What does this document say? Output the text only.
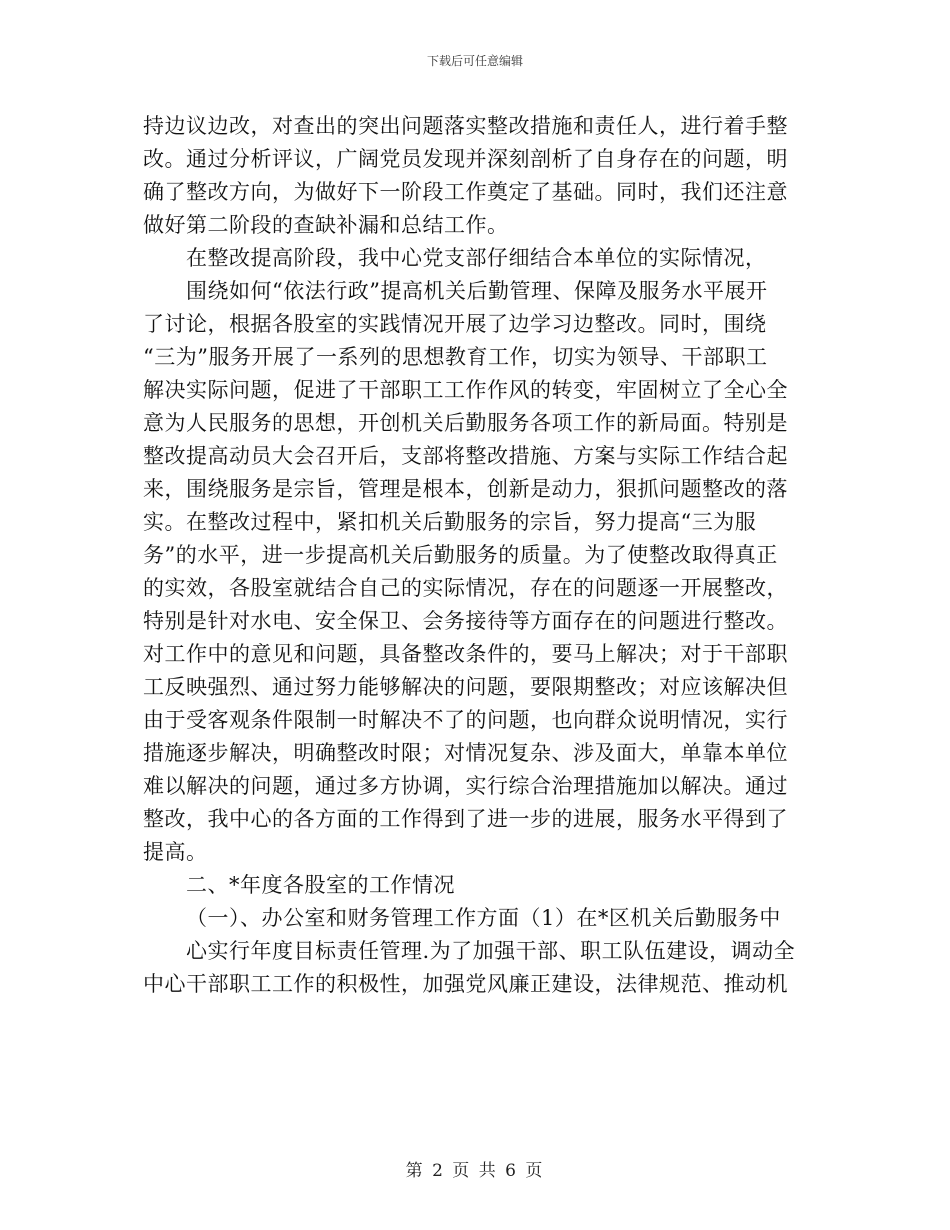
下载后可任意编辑
持边议边改，对查出的突出问题落实整改措施和责任人，进行着手整
改。通过分析评议，广阔党员发现并深刻剖析了自身存在的问题，明
确了整改方向，为做好下一阶段工作奠定了基础。同时，我们还注意
做好第二阶段的查缺补漏和总结工作。
在整改提高阶段，我中心党支部仔细结合本单位的实际情况，
围绕如何“依法行政”提高机关后勤管理、保障及服务水平展开
了讨论，根据各股室的实践情况开展了边学习边整改。同时，围绕
“三为”服务开展了一系列的思想教育工作，切实为领导、干部职工
解决实际问题，促进了干部职工工作作风的转变，牢固树立了全心全
意为人民服务的思想，开创机关后勤服务各项工作的新局面。特别是
整改提高动员大会召开后，支部将整改措施、方案与实际工作结合起
来，围绕服务是宗旨，管理是根本，创新是动力，狠抓问题整改的落
实。在整改过程中，紧扣机关后勤服务的宗旨，努力提高“三为服
务”的水平，进一步提高机关后勤服务的质量。为了使整改取得真正
的实效，各股室就结合自己的实际情况，存在的问题逐一开展整改，
特别是针对水电、安全保卫、会务接待等方面存在的问题进行整改。
对工作中的意见和问题，具备整改条件的，要马上解决；对于干部职
工反映强烈、通过努力能够解决的问题，要限期整改；对应该解决但
由于受客观条件限制一时解决不了的问题，也向群众说明情况，实行
措施逐步解决，明确整改时限；对情况复杂、涉及面大，单靠本单位
难以解决的问题，通过多方协调，实行综合治理措施加以解决。通过
整改，我中心的各方面的工作得到了进一步的进展，服务水平得到了
提高。
二、*年度各股室的工作情况
（一）、办公室和财务管理工作方面（1）在*区机关后勤服务中
心实行年度目标责任管理.为了加强干部、职工队伍建设，调动全
中心干部职工工作的积极性，加强党风廉正建设，法律规范、推动机
第 2 页 共 6 页
